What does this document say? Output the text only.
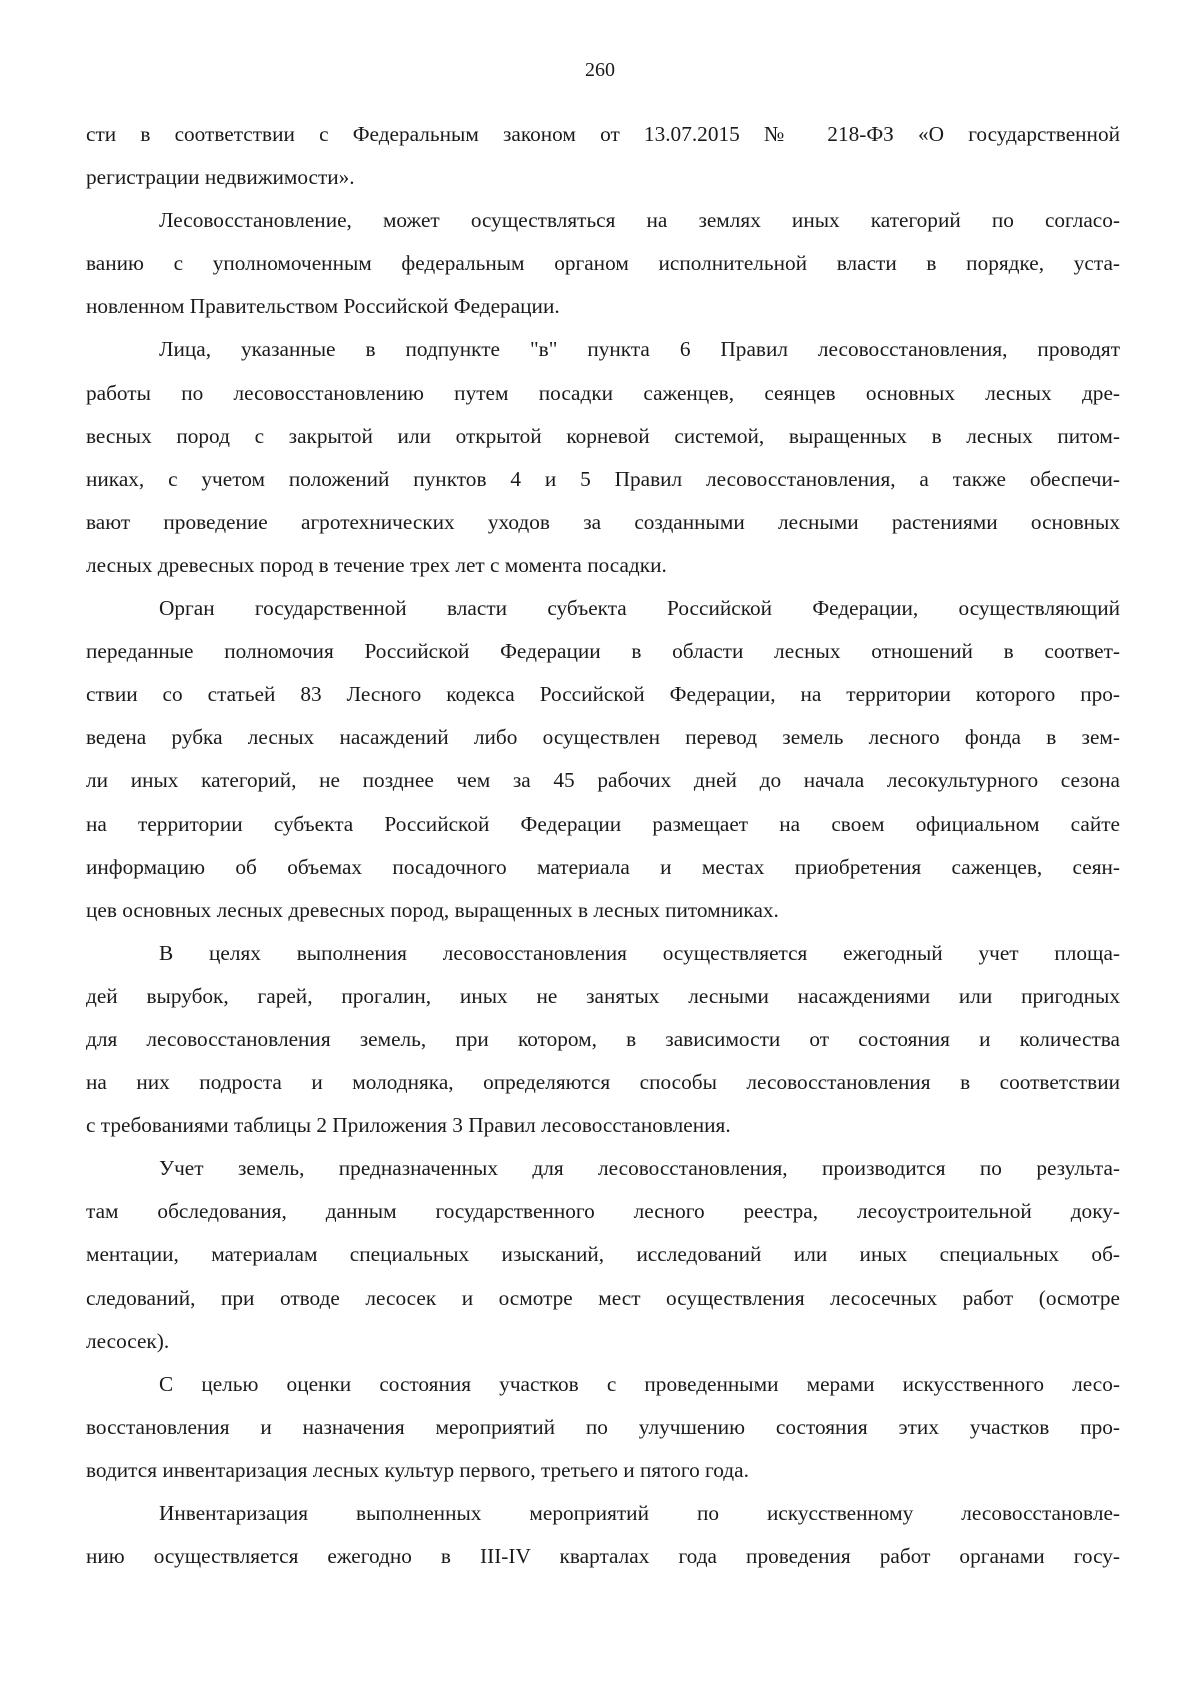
260
сти в соответствии с Федеральным законом от 13.07.2015 № 218-ФЗ «О государственной
регистрации недвижимости».
Лесовосстановление, может осуществляться на землях иных категорий по согласо-
ванию с уполномоченным федеральным органом исполнительной власти в порядке, уста-
новленном Правительством Российской Федерации.
Лица, указанные в подпункте "в" пункта 6 Правил лесовосстановления, проводят
работы по лесовосстановлению путем посадки саженцев, сеянцев основных лесных дре-
весных пород с закрытой или открытой корневой системой, выращенных в лесных питом-
никах, с учетом положений пунктов 4 и 5 Правил лесовосстановления, а также обеспечи-
вают проведение агротехнических уходов за созданными лесными растениями основных
лесных древесных пород в течение трех лет с момента посадки.
Орган государственной власти субъекта Российской Федерации, осуществляющий
переданные полномочия Российской Федерации в области лесных отношений в соответ-
ствии со статьей 83 Лесного кодекса Российской Федерации, на территории которого про-
ведена рубка лесных насаждений либо осуществлен перевод земель лесного фонда в зем-
ли иных категорий, не позднее чем за 45 рабочих дней до начала лесокультурного сезона
на территории субъекта Российской Федерации размещает на своем официальном сайте
информацию об объемах посадочного материала и местах приобретения саженцев, сеян-
цев основных лесных древесных пород, выращенных в лесных питомниках.
В целях выполнения лесовосстановления осуществляется ежегодный учет площа-
дей вырубок, гарей, прогалин, иных не занятых лесными насаждениями или пригодных
для лесовосстановления земель, при котором, в зависимости от состояния и количества
на них подроста и молодняка, определяются способы лесовосстановления в соответствии
с требованиями таблицы 2 Приложения 3 Правил лесовосстановления.
Учет земель, предназначенных для лесовосстановления, производится по результа-
там обследования, данным государственного лесного реестра, лесоустроительной доку-
ментации, материалам специальных изысканий, исследований или иных специальных об-
следований, при отводе лесосек и осмотре мест осуществления лесосечных работ (осмотре
лесосек).
С целью оценки состояния участков с проведенными мерами искусственного лесо-
восстановления и назначения мероприятий по улучшению состояния этих участков про-
водится инвентаризация лесных культур первого, третьего и пятого года.
Инвентаризация выполненных мероприятий по искусственному лесовосстановле-
нию осуществляется ежегодно в III-IV кварталах года проведения работ органами госу-
